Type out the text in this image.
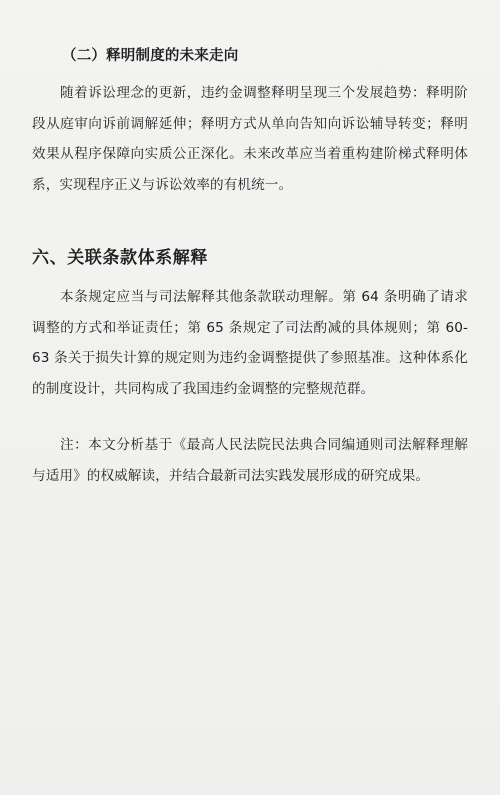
（二）释明制度的未来走向

随着诉讼理念的更新，违约金调整释明呈现三个发展趋势：释明阶段从庭审向诉前调解延伸；释明方式从单向告知向诉讼辅导转变；释明效果从程序保障向实质公正深化。未来改革应当着重构建阶梯式释明体系，实现程序正义与诉讼效率的有机统一。

六、关联条款体系解释

本条规定应当与司法解释其他条款联动理解。第 64 条明确了请求调整的方式和举证责任；第 65 条规定了司法酌减的具体规则；第 60-63 条关于损失计算的规定则为违约金调整提供了参照基准。这种体系化的制度设计，共同构成了我国违约金调整的完整规范群。

注：本文分析基于《最高人民法院民法典合同编通则司法解释理解与适用》的权威解读，并结合最新司法实践发展形成的研究成果。
